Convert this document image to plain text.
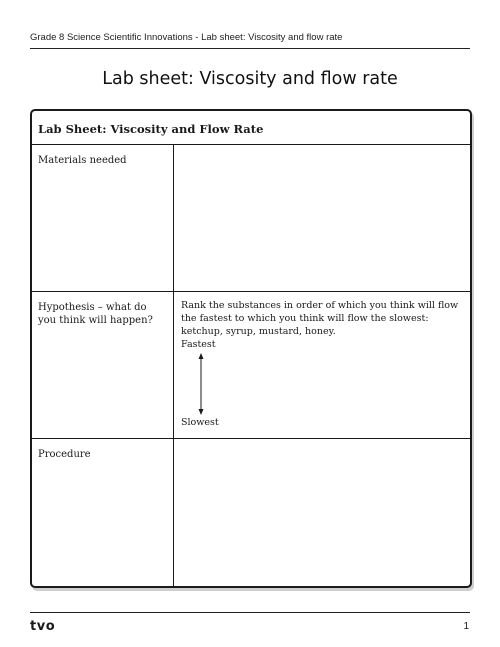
Grade 8 Science Scientific Innovations - Lab sheet: Viscosity and flow rate
Lab sheet: Viscosity and flow rate
Lab Sheet: Viscosity and Flow Rate
Materials needed
Hypothesis – what do you think will happen?
Rank the substances in order of which you think will flow the fastest to which you think will flow the slowest: ketchup, syrup, mustard, honey.
Fastest
Slowest
Procedure
tvo	1
